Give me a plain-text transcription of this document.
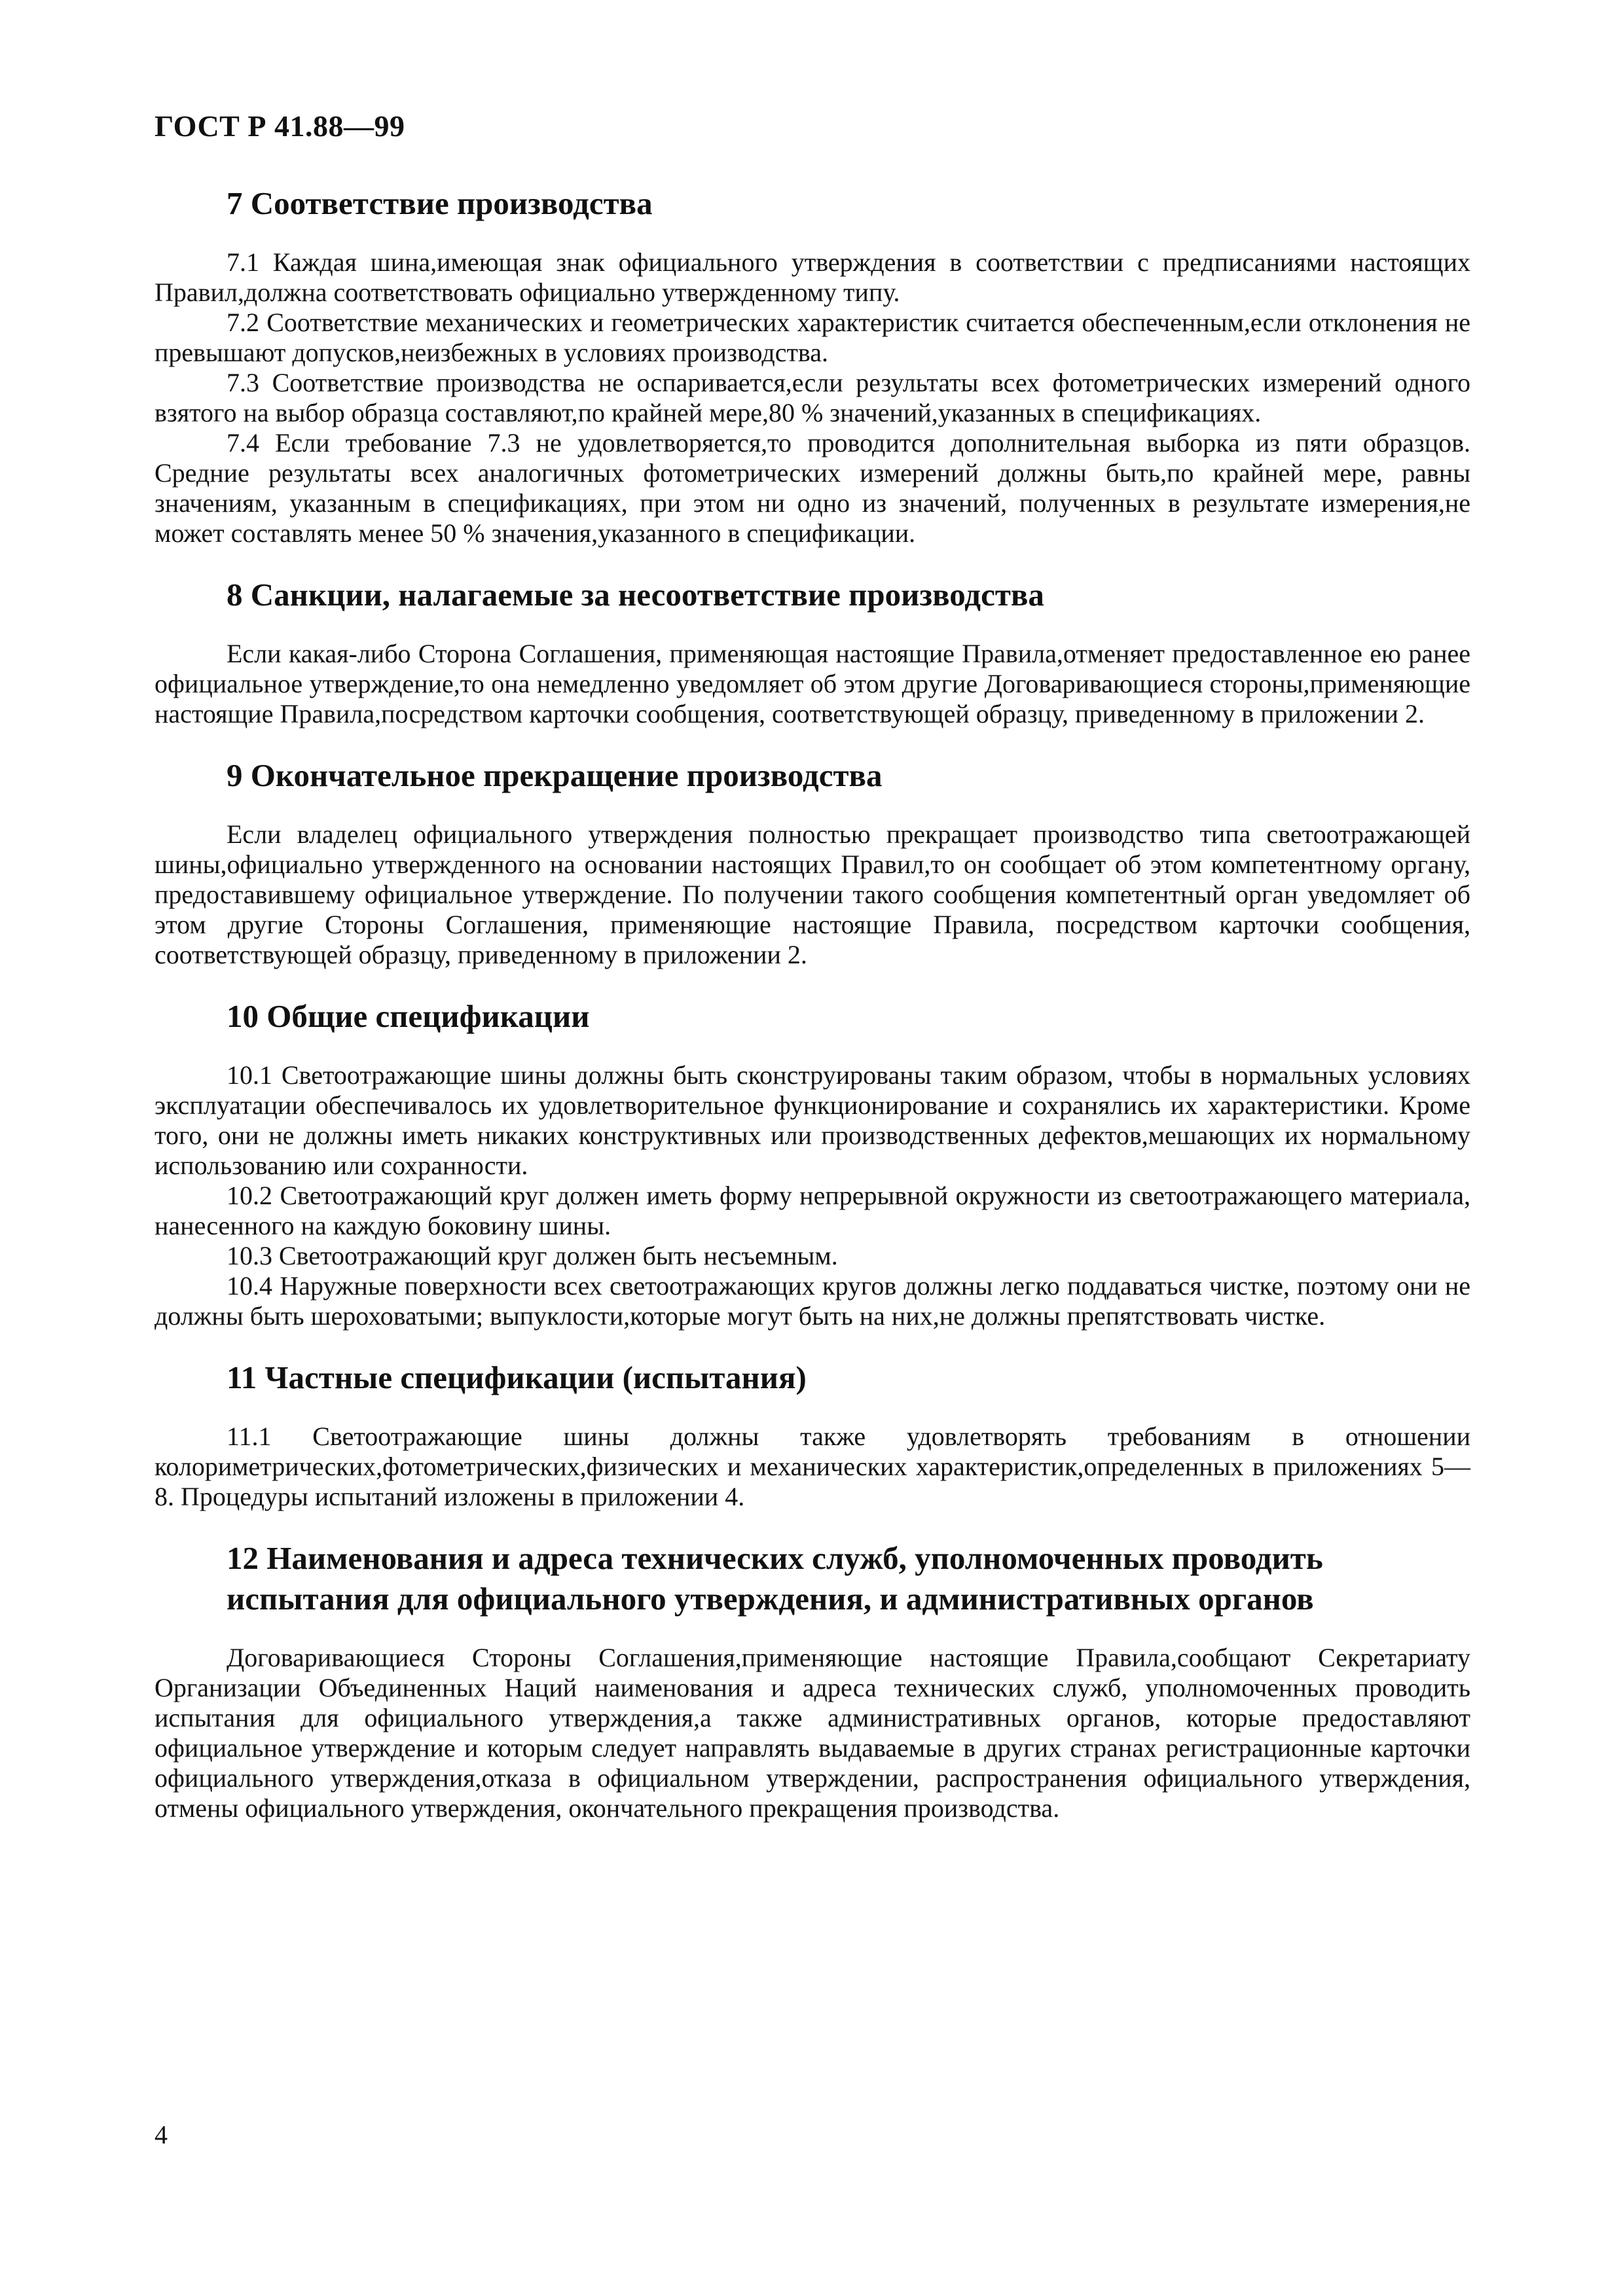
ГОСТ Р 41.88—99
7 Соответствие производства

7.1 Каждая шина,имеющая знак официального утверждения в соответствии с предписаниями настоящих Правил,должна соответствовать официально утвержденному типу.

7.2 Соответствие механических и геометрических характеристик считается обеспеченным,если отклонения не превышают допусков,неизбежных в условиях производства.

7.3 Соответствие производства не оспаривается,если результаты всех фотометрических измерений одного взятого на выбор образца составляют,по крайней мере,80 % значений,указанных в спецификациях.

7.4 Если требование 7.3 не удовлетворяется,то проводится дополнительная выборка из пяти образцов. Средние результаты всех аналогичных фотометрических измерений должны быть,по крайней мере, равны значениям, указанным в спецификациях, при этом ни одно из значений, полученных в результате измерения,не может составлять менее 50 % значения,указанного в спецификации.

8 Санкции, налагаемые за несоответствие производства

Если какая-либо Сторона Соглашения, применяющая настоящие Правила,отменяет предоставленное ею ранее официальное утверждение,то она немедленно уведомляет об этом другие Договаривающиеся стороны,применяющие настоящие Правила,посредством карточки сообщения, соответствующей образцу, приведенному в приложении 2.

9 Окончательное прекращение производства

Если владелец официального утверждения полностью прекращает производство типа светоотражающей шины,официально утвержденного на основании настоящих Правил,то он сообщает об этом компетентному органу, предоставившему официальное утверждение. По получении такого сообщения компетентный орган уведомляет об этом другие Стороны Соглашения, применяющие настоящие Правила, посредством карточки сообщения, соответствующей образцу, приведенному в приложении 2.

10 Общие спецификации

10.1 Светоотражающие шины должны быть сконструированы таким образом, чтобы в нормальных условиях эксплуатации обеспечивалось их удовлетворительное функционирование и сохранялись их характеристики. Кроме того, они не должны иметь никаких конструктивных или производственных дефектов,мешающих их нормальному использованию или сохранности.

10.2 Светоотражающий круг должен иметь форму непрерывной окружности из светоотражающего материала, нанесенного на каждую боковину шины.

10.3 Светоотражающий круг должен быть несъемным.

10.4 Наружные поверхности всех светоотражающих кругов должны легко поддаваться чистке, поэтому они не должны быть шероховатыми; выпуклости,которые могут быть на них,не должны препятствовать чистке.

11 Частные спецификации (испытания)

11.1 Светоотражающие шины должны также удовлетворять требованиям в отношении колориметрических,фотометрических,физических и механических характеристик,определенных в приложениях 5—8. Процедуры испытаний изложены в приложении 4.

12 Наименования и адреса технических служб, уполномоченных проводить
испытания для официального утверждения, и административных органов

Договаривающиеся Стороны Соглашения,применяющие настоящие Правила,сообщают Секретариату Организации Объединенных Наций наименования и адреса технических служб, уполномоченных проводить испытания для официального утверждения,а также административных органов, которые предоставляют официальное утверждение и которым следует направлять выдаваемые в других странах регистрационные карточки официального утверждения,отказа в официальном утверждении, распространения официального утверждения, отмены официального утверждения, окончательного прекращения производства.

4
